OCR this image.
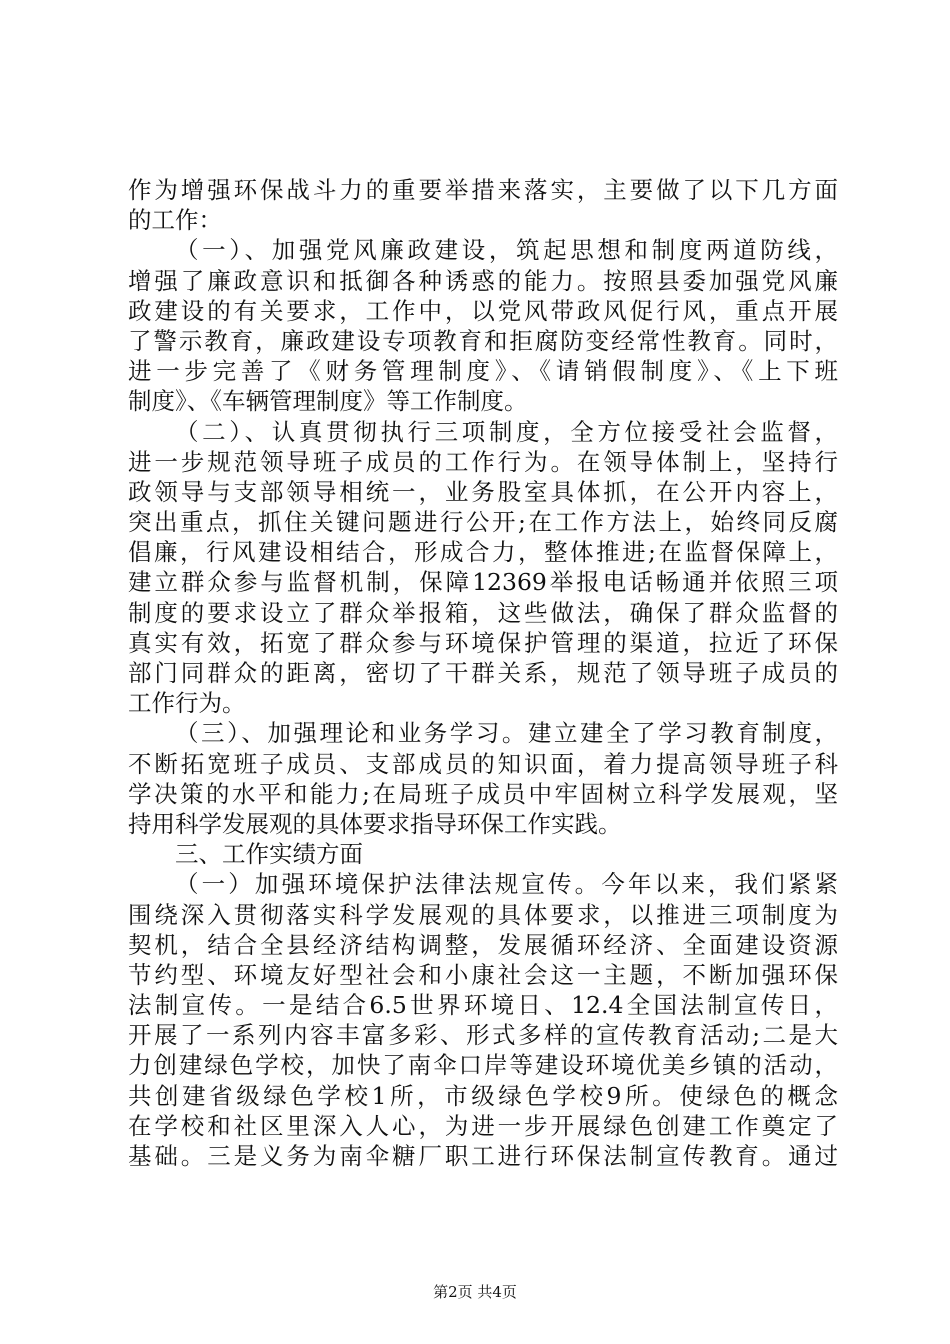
作为增强环保战斗力的重要举措来落实，主要做了以下几方面
的工作：
（一）、加强党风廉政建设，筑起思想和制度两道防线，
增强了廉政意识和抵御各种诱惑的能力。按照县委加强党风廉
政建设的有关要求，工作中，以党风带政风促行风，重点开展
了警示教育，廉政建设专项教育和拒腐防变经常性教育。同时，
进一步完善了《财务管理制度》、《请销假制度》、《上下班
制度》、《车辆管理制度》等工作制度。
（二）、认真贯彻执行三项制度，全方位接受社会监督，
进一步规范领导班子成员的工作行为。在领导体制上，坚持行
政领导与支部领导相统一，业务股室具体抓，在公开内容上，
突出重点，抓住关键问题进行公开;在工作方法上，始终同反腐
倡廉，行风建设相结合，形成合力，整体推进;在监督保障上，
建立群众参与监督机制，保障12369举报电话畅通并依照三项
制度的要求设立了群众举报箱，这些做法，确保了群众监督的
真实有效，拓宽了群众参与环境保护管理的渠道，拉近了环保
部门同群众的距离，密切了干群关系，规范了领导班子成员的
工作行为。
（三）、加强理论和业务学习。建立建全了学习教育制度，
不断拓宽班子成员、支部成员的知识面，着力提高领导班子科
学决策的水平和能力;在局班子成员中牢固树立科学发展观，坚
持用科学发展观的具体要求指导环保工作实践。
三、工作实绩方面
（一）加强环境保护法律法规宣传。今年以来，我们紧紧
围绕深入贯彻落实科学发展观的具体要求，以推进三项制度为
契机，结合全县经济结构调整，发展循环经济、全面建设资源
节约型、环境友好型社会和小康社会这一主题，不断加强环保
法制宣传。一是结合6.5世界环境日、12.4全国法制宣传日，
开展了一系列内容丰富多彩、形式多样的宣传教育活动;二是大
力创建绿色学校，加快了南伞口岸等建设环境优美乡镇的活动，
共创建省级绿色学校1所，市级绿色学校9所。使绿色的概念
在学校和社区里深入人心，为进一步开展绿色创建工作奠定了
基础。三是义务为南伞糖厂职工进行环保法制宣传教育。通过
第2页 共4页
